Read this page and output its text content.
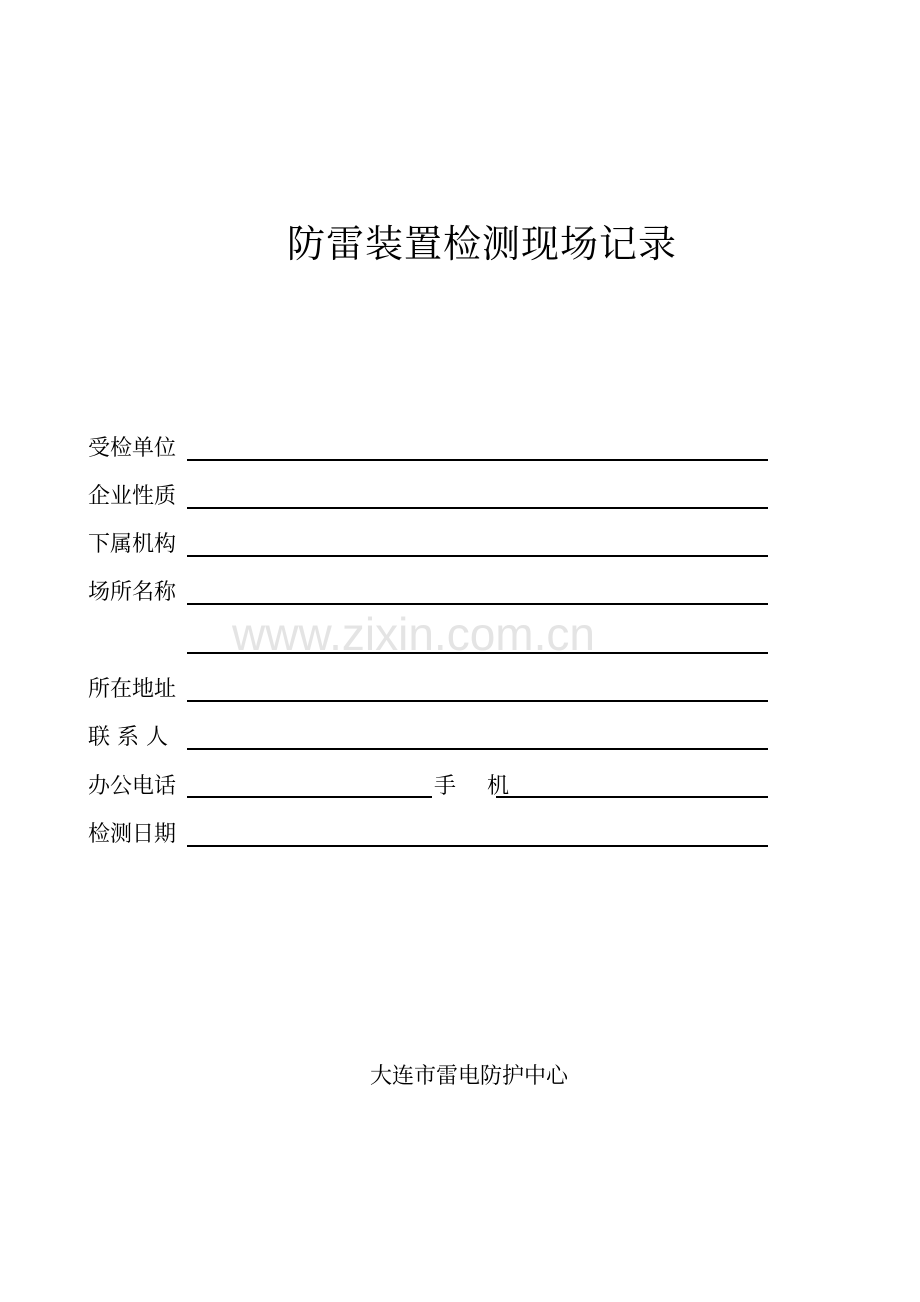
防雷装置检测现场记录
www.zixin.com.cn
受检单位
企业性质
下属机构
场所名称
所在地址
联 系 人
办公电话	手 机
检测日期
大连市雷电防护中心
